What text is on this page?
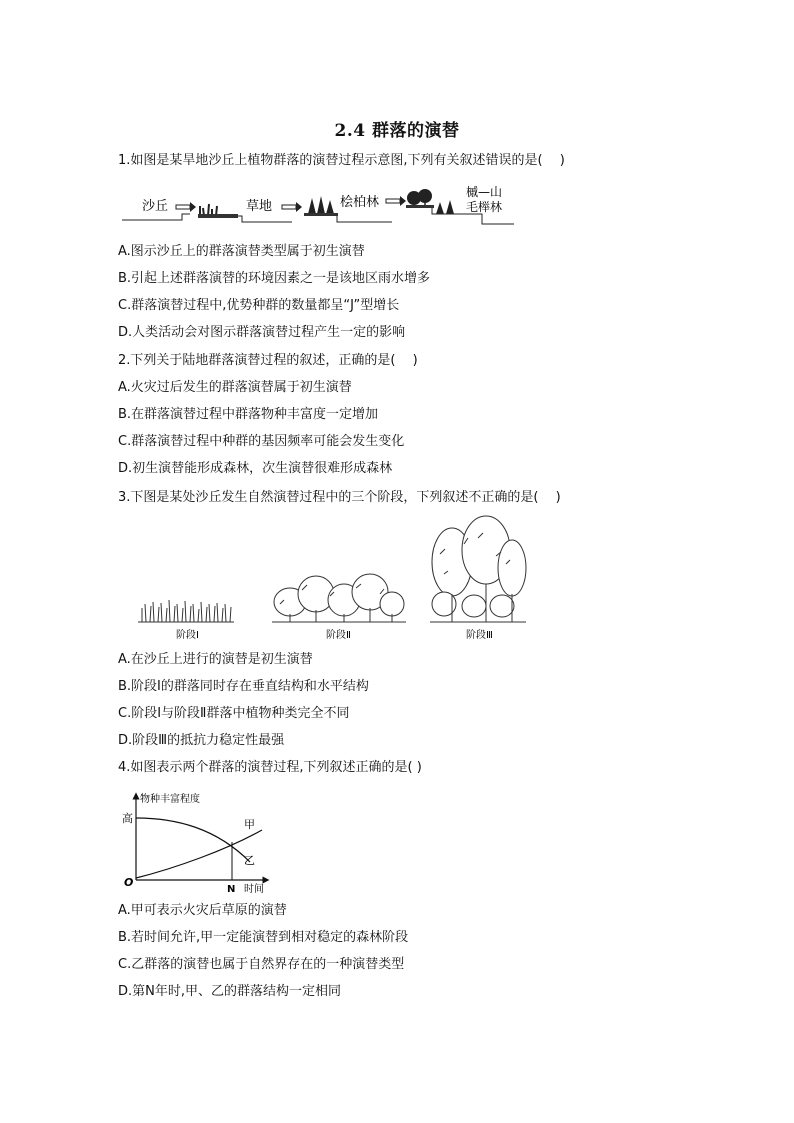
2.4 群落的演替
1.如图是某旱地沙丘上植物群落的演替过程示意图,下列有关叙述错误的是(　 )
沙丘	草地	桧柏林
槭—山
毛榉林
A.图示沙丘上的群落演替类型属于初生演替
B.引起上述群落演替的环境因素之一是该地区雨水增多
C.群落演替过程中,优势种群的数量都呈“J”型增长
D.人类活动会对图示群落演替过程产生一定的影响
2.下列关于陆地群落演替过程的叙述，正确的是(　 )
A.火灾过后发生的群落演替属于初生演替
B.在群落演替过程中群落物种丰富度一定增加
C.群落演替过程中种群的基因频率可能会发生变化
D.初生演替能形成森林，次生演替很难形成森林
3.下图是某处沙丘发生自然演替过程中的三个阶段，下列叙述不正确的是(　 )
阶段Ⅰ	阶段Ⅱ	阶段Ⅲ
A.在沙丘上进行的演替是初生演替
B.阶段Ⅰ的群落同时存在垂直结构和水平结构
C.阶段Ⅰ与阶段Ⅱ群落中植物种类完全不同
D.阶段Ⅲ的抵抗力稳定性最强
4.如图表示两个群落的演替过程,下列叙述正确的是( )
物种丰富程度
高
O
N 时间
甲
乙
A.甲可表示火灾后草原的演替
B.若时间允许,甲一定能演替到相对稳定的森林阶段
C.乙群落的演替也属于自然界存在的一种演替类型
D.第N年时,甲、乙的群落结构一定相同
